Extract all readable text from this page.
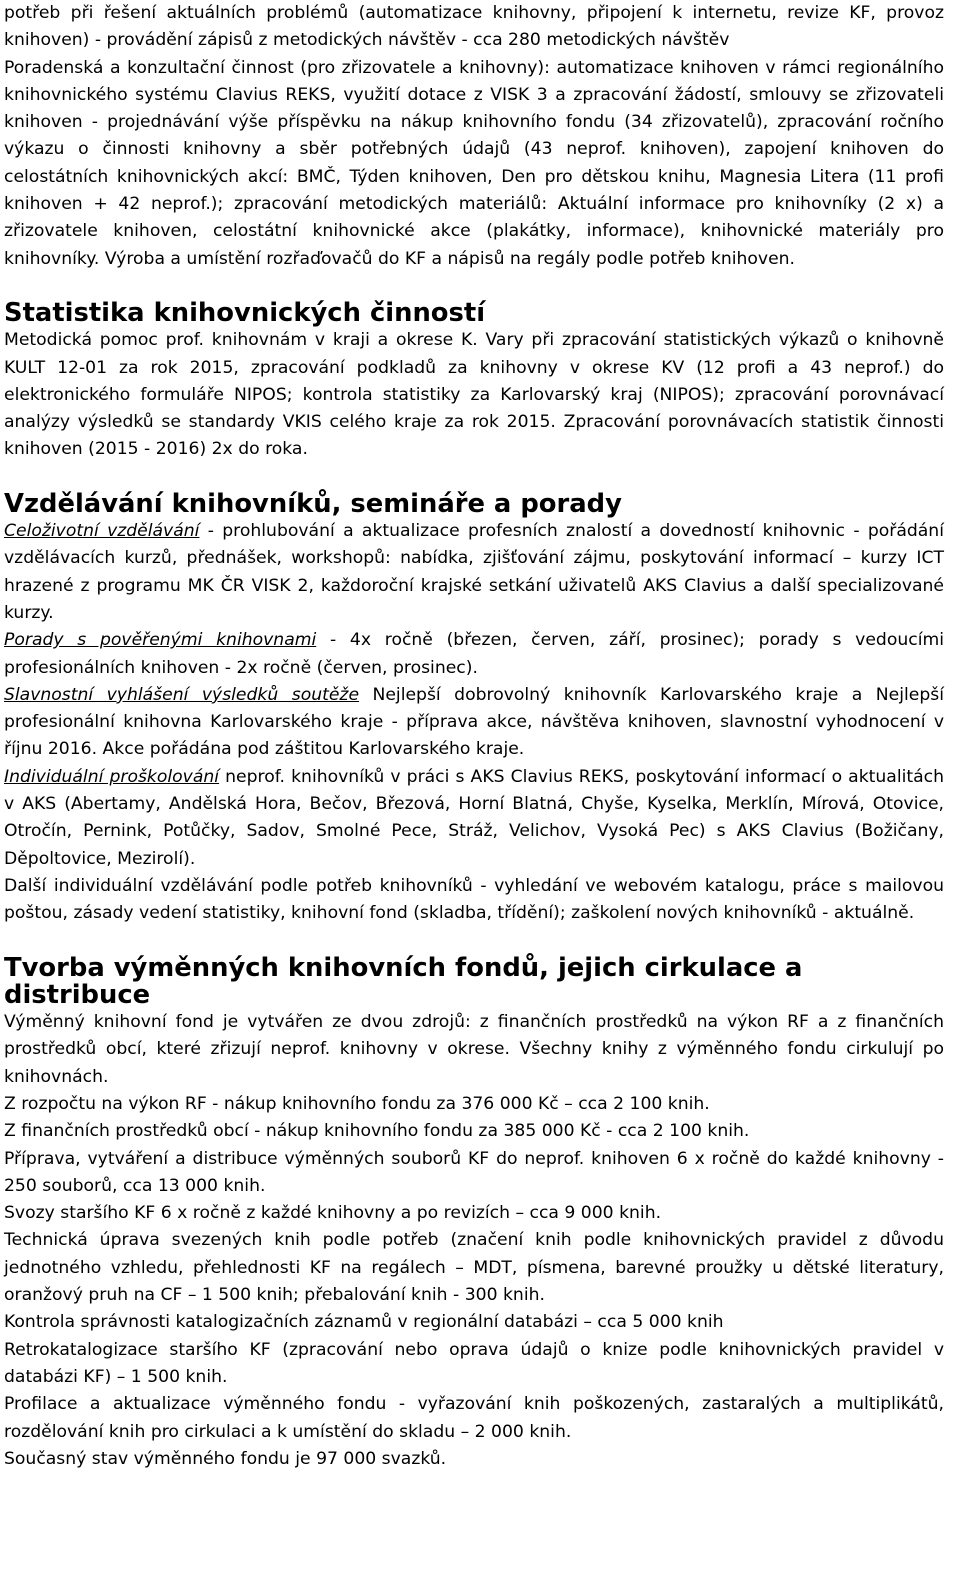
potřeb při řešení aktuálních problémů (automatizace knihovny, připojení k internetu, revize KF, provoz knihoven) - provádění zápisů z metodických návštěv - cca 280 metodických návštěv

Poradenská a konzultační činnost (pro zřizovatele a knihovny): automatizace knihoven v rámci regionálního knihovnického systému Clavius REKS, využití dotace z VISK 3 a zpracování žádostí, smlouvy se zřizovateli knihoven - projednávání výše příspěvku na nákup knihovního fondu (34 zřizovatelů), zpracování ročního výkazu o činnosti knihovny a sběr potřebných údajů (43 neprof. knihoven), zapojení knihoven do celostátních knihovnických akcí: BMČ, Týden knihoven, Den pro dětskou knihu, Magnesia Litera (11 profi knihoven + 42 neprof.); zpracování metodických materiálů: Aktuální informace pro knihovníky (2 x) a zřizovatele knihoven, celostátní knihovnické akce (plakátky, informace), knihovnické materiály pro knihovníky. Výroba a umístění rozřaďovačů do KF a nápisů na regály podle potřeb knihoven.

Statistika knihovnických činností

Metodická pomoc prof. knihovnám v kraji a okrese K. Vary při zpracování statistických výkazů o knihovně KULT 12-01 za rok 2015, zpracování podkladů za knihovny v okrese KV (12 profi a 43 neprof.) do elektronického formuláře NIPOS; kontrola statistiky za Karlovarský kraj (NIPOS); zpracování porovnávací analýzy výsledků se standardy VKIS celého kraje za rok 2015. Zpracování porovnávacích statistik činnosti knihoven (2015 - 2016) 2x do roka.

Vzdělávání knihovníků, semináře a porady

Celoživotní vzdělávání - prohlubování a aktualizace profesních znalostí a dovedností knihovnic - pořádání vzdělávacích kurzů, přednášek, workshopů: nabídka, zjišťování zájmu, poskytování informací – kurzy ICT hrazené z programu MK ČR VISK 2, každoroční krajské setkání uživatelů AKS Clavius a další specializované kurzy.

Porady s pověřenými knihovnami - 4x ročně (březen, červen, září, prosinec); porady s vedoucími profesionálních knihoven - 2x ročně (červen, prosinec).

Slavnostní vyhlášení výsledků soutěže Nejlepší dobrovolný knihovník Karlovarského kraje a Nejlepší profesionální knihovna Karlovarského kraje - příprava akce, návštěva knihoven, slavnostní vyhodnocení v říjnu 2016. Akce pořádána pod záštitou Karlovarského kraje.

Individuální proškolování neprof. knihovníků v práci s AKS Clavius REKS, poskytování informací o aktualitách v AKS (Abertamy, Andělská Hora, Bečov, Březová, Horní Blatná, Chyše, Kyselka, Merklín, Mírová, Otovice, Otročín, Pernink, Potůčky, Sadov, Smolné Pece, Stráž, Velichov, Vysoká Pec) s AKS Clavius (Božičany, Děpoltovice, Mezirolí).

Další individuální vzdělávání podle potřeb knihovníků - vyhledání ve webovém katalogu, práce s mailovou poštou, zásady vedení statistiky, knihovní fond (skladba, třídění); zaškolení nových knihovníků - aktuálně.

Tvorba výměnných knihovních fondů, jejich cirkulace a distribuce

Výměnný knihovní fond je vytvářen ze dvou zdrojů: z finančních prostředků na výkon RF a z finančních prostředků obcí, které zřizují neprof. knihovny v okrese. Všechny knihy z výměnného fondu cirkulují po knihovnách.

Z rozpočtu na výkon RF - nákup knihovního fondu za 376 000 Kč – cca 2 100 knih.

Z finančních prostředků obcí - nákup knihovního fondu za 385 000 Kč - cca 2 100 knih.

Příprava, vytváření a distribuce výměnných souborů KF do neprof. knihoven 6 x ročně do každé knihovny - 250 souborů, cca 13 000 knih.

Svozy staršího KF 6 x ročně z každé knihovny a po revizích – cca 9 000 knih.

Technická úprava svezených knih podle potřeb (značení knih podle knihovnických pravidel z důvodu jednotného vzhledu, přehlednosti KF na regálech – MDT, písmena, barevné proužky u dětské literatury, oranžový pruh na CF – 1 500 knih; přebalování knih - 300 knih.

Kontrola správnosti katalogizačních záznamů v regionální databázi – cca 5 000 knih

Retrokatalogizace staršího KF (zpracování nebo oprava údajů o knize podle knihovnických pravidel v databázi KF) – 1 500 knih.

Profilace a aktualizace výměnného fondu - vyřazování knih poškozených, zastaralých a multiplikátů, rozdělování knih pro cirkulaci a k umístění do skladu – 2 000 knih.

Současný stav výměnného fondu je 97 000 svazků.
